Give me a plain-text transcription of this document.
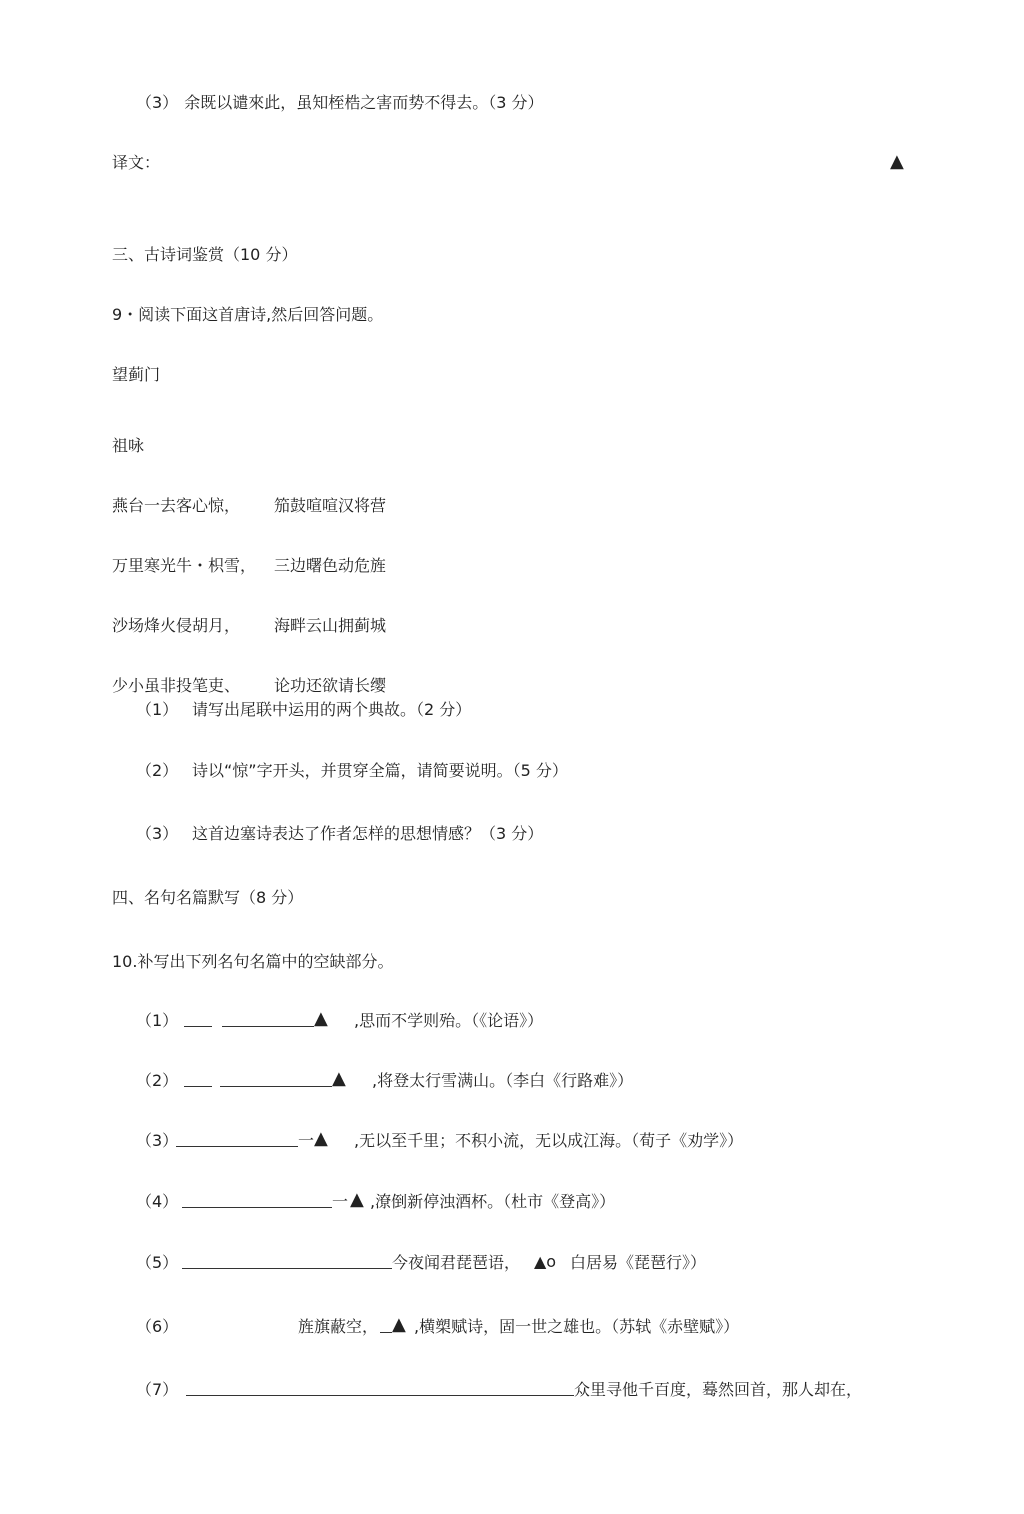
（3） 余既以谴來此，虽知桎梏之害而势不得去。（3 分）
译文：	▲
三、古诗词鉴赏（10 分）
9・阅读下面这首唐诗,然后回答问题。
望蓟门
祖咏
燕台一去客心惊， 笳鼓喧喧汉将营
万里寒光牛・枳雪， 三边曙色动危旌
沙场烽火侵胡月， 海畔云山拥蓟城
少小虽非投笔吏、 论功还欲请长缨
（1） 请写出尾联中运用的两个典故。（2 分）
（2） 诗以“惊”字开头，并贯穿全篇，请简要说明。（5 分）
（3） 这首边塞诗表达了作者怎样的思想情感？（3 分）
四、名句名篇默写（8 分）
10.补写出下列名句名篇中的空缺部分。
（1）	▲ ,思而不学则殆。（《论语》）
（2）	▲ ,将登太行雪满山。（李白《行路难》）
（3）	一 ▲ ,无以至千里；不积小流，无以成江海。（荀子《劝学》）
（4）	一 ▲ ,潦倒新停浊酒杯。（杜市《登高》）
（5）	今夜闻君琵琶语， ▲o 白居易《琵琶行》）
（6）	旌旗蔽空， ▲ ,横槊赋诗，固一世之雄也。（苏轼《赤壁赋》）
（7）	众里寻他千百度，蓦然回首，那人却在，
